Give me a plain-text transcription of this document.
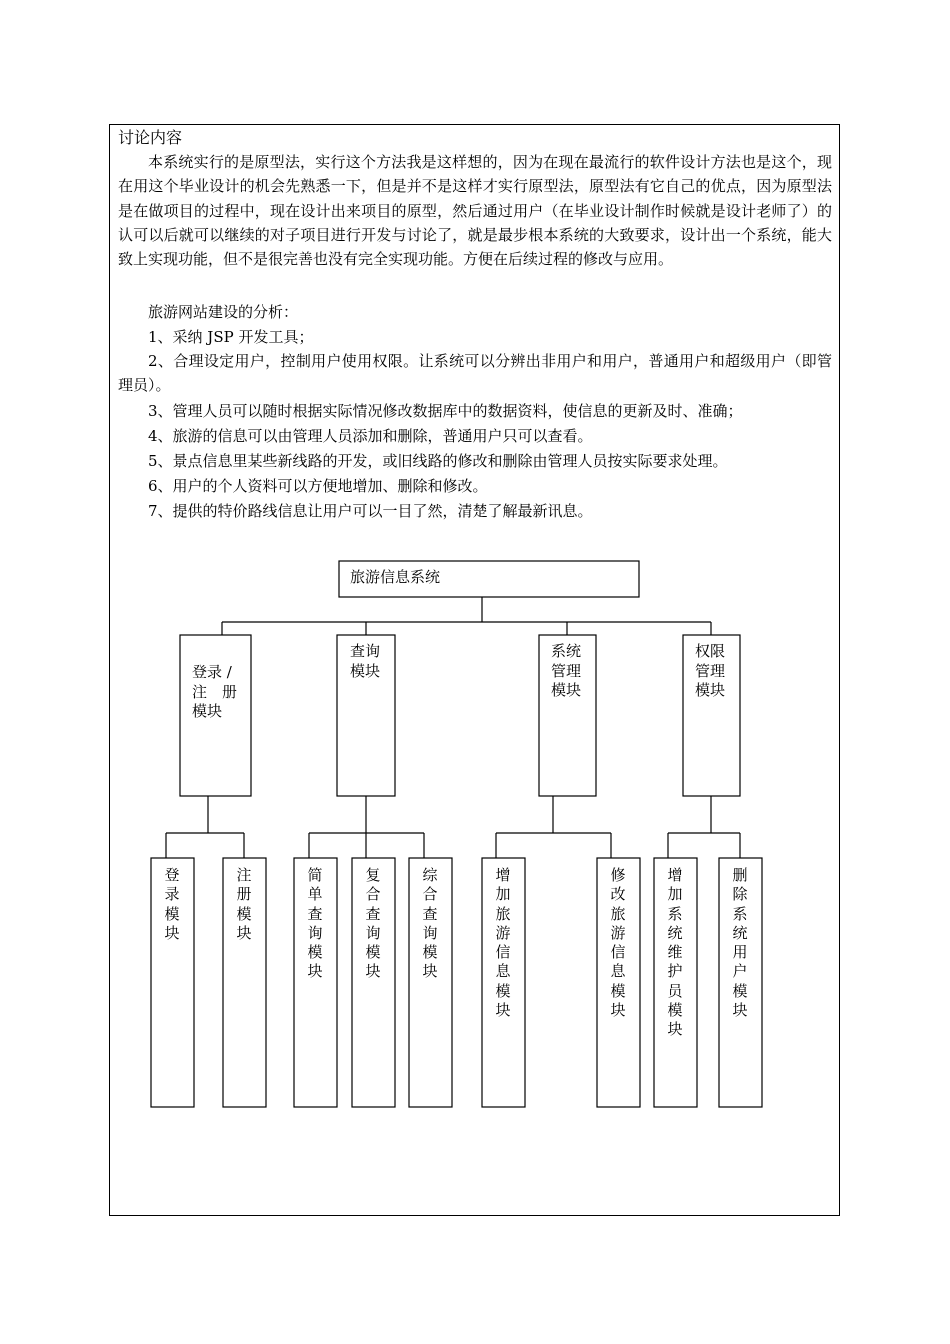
讨论内容

本系统实行的是原型法，实行这个方法我是这样想的，因为在现在最流行的软件设计方法也是这个，现在用这个毕业设计的机会先熟悉一下，但是并不是这样才实行原型法，原型法有它自己的优点，因为原型法是在做项目的过程中，现在设计出来项目的原型，然后通过用户（在毕业设计制作时候就是设计老师了）的认可以后就可以继续的对子项目进行开发与讨论了，就是最步根本系统的大致要求，设计出一个系统，能大致上实现功能，但不是很完善也没有完全实现功能。方便在后续过程的修改与应用。

旅游网站建设的分析：
1、采纳 JSP 开发工具；

2、合理设定用户，控制用户使用权限。让系统可以分辨出非用户和用户，普通用户和超级用户（即管理员）。

3、管理人员可以随时根据实际情况修改数据库中的数据资料，使信息的更新及时、准确；
4、旅游的信息可以由管理人员添加和删除，普通用户只可以查看。
5、景点信息里某些新线路的开发，或旧线路的修改和删除由管理人员按实际要求处理。
6、用户的个人资料可以方便地增加、删除和修改。
7、提供的特价路线信息让用户可以一目了然，清楚了解最新讯息。
旅游信息系统
登录 / 注　册 模块
查询模块
系统管理模块
权限管理模块
登录模块
注册模块
简单查询模块
复合查询模块
综合查询模块
增加旅游信息模块
修改旅游信息模块
增加系统维护员模块
删除系统用户模块
